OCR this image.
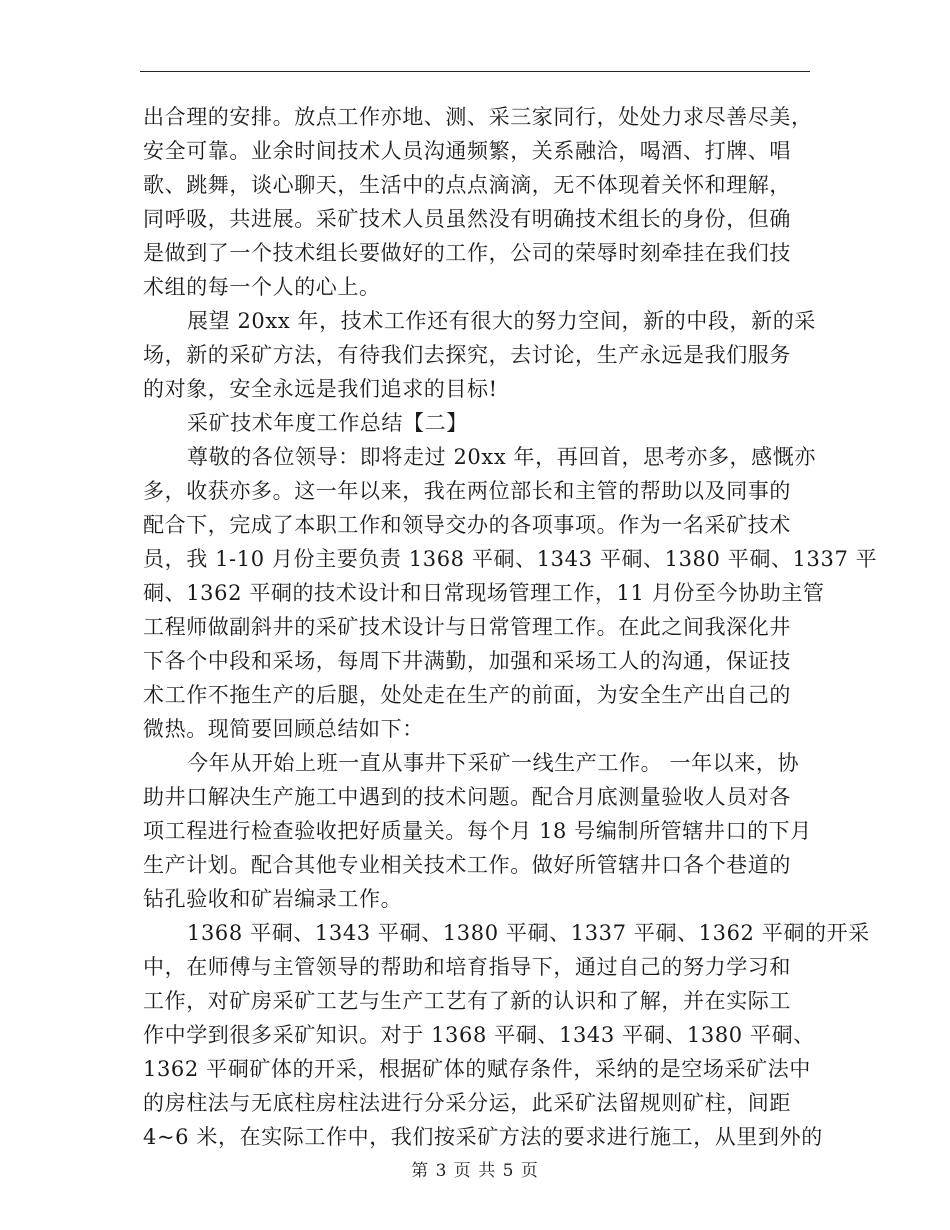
出合理的安排。放点工作亦地、测、采三家同行，处处力求尽善尽美，
安全可靠。业余时间技术人员沟通频繁，关系融洽，喝酒、打牌、唱
歌、跳舞，谈心聊天，生活中的点点滴滴，无不体现着关怀和理解，
同呼吸，共进展。采矿技术人员虽然没有明确技术组长的身份，但确
是做到了一个技术组长要做好的工作，公司的荣辱时刻牵挂在我们技
术组的每一个人的心上。
展望 20xx 年，技术工作还有很大的努力空间，新的中段，新的采
场，新的采矿方法，有待我们去探究，去讨论，生产永远是我们服务
的对象，安全永远是我们追求的目标!
采矿技术年度工作总结【二】
尊敬的各位领导：即将走过 20xx 年，再回首，思考亦多，感慨亦
多，收获亦多。这一年以来，我在两位部长和主管的帮助以及同事的
配合下，完成了本职工作和领导交办的各项事项。作为一名采矿技术
员，我 1-10 月份主要负责 1368 平硐、1343 平硐、1380 平硐、1337 平
硐、1362 平硐的技术设计和日常现场管理工作，11 月份至今协助主管
工程师做副斜井的采矿技术设计与日常管理工作。在此之间我深化井
下各个中段和采场，每周下井满勤，加强和采场工人的沟通，保证技
术工作不拖生产的后腿，处处走在生产的前面，为安全生产出自己的
微热。现简要回顾总结如下：
今年从开始上班一直从事井下采矿一线生产工作。 一年以来，协
助井口解决生产施工中遇到的技术问题。配合月底测量验收人员对各
项工程进行检查验收把好质量关。每个月 18 号编制所管辖井口的下月
生产计划。配合其他专业相关技术工作。做好所管辖井口各个巷道的
钻孔验收和矿岩编录工作。
1368 平硐、1343 平硐、1380 平硐、1337 平硐、1362 平硐的开采
中，在师傅与主管领导的帮助和培育指导下，通过自己的努力学习和
工作，对矿房采矿工艺与生产工艺有了新的认识和了解，并在实际工
作中学到很多采矿知识。对于 1368 平硐、1343 平硐、1380 平硐、
1362 平硐矿体的开采，根据矿体的赋存条件，采纳的是空场采矿法中
的房柱法与无底柱房柱法进行分采分运，此采矿法留规则矿柱，间距
4~6 米，在实际工作中，我们按采矿方法的要求进行施工，从里到外的
第 3 页 共 5 页
